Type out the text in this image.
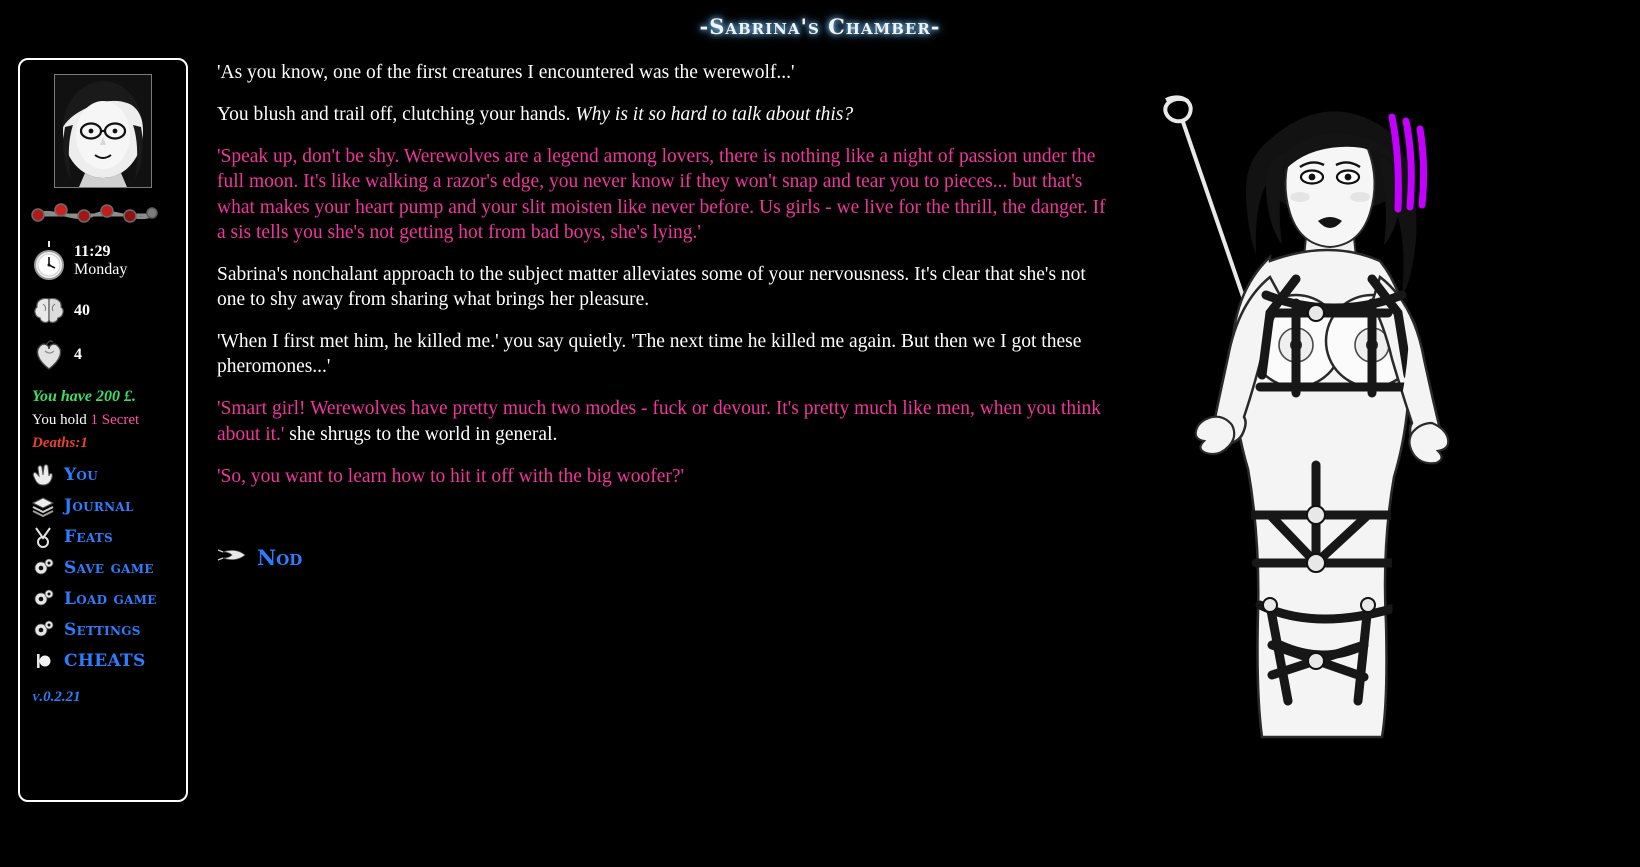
-Sabrina's Chamber-
11:29
Monday
40
4
You have 200 £.
You hold 1 Secret
Deaths:1
You
Journal
Feats
Save game
Load game
Settings
CHEATS
v.0.2.21

'As you know, one of the first creatures I encountered was the werewolf...'

You blush and trail off, clutching your hands. Why is it so hard to talk about this?

'Speak up, don't be shy. Werewolves are a legend among lovers, there is nothing like a night of passion under the full moon. It's like walking a razor's edge, you never know if they won't snap and tear you to pieces... but that's what makes your heart pump and your slit moisten like never before. Us girls - we live for the thrill, the danger. If a sis tells you she's not getting hot from bad boys, she's lying.'

Sabrina's nonchalant approach to the subject matter alleviates some of your nervousness. It's clear that she's not one to shy away from sharing what brings her pleasure.

'When I first met him, he killed me.' you say quietly. 'The next time he killed me again. But then we I got these pheromones...'

'Smart girl! Werewolves have pretty much two modes - fuck or devour. It's pretty much like men, when you think about it.' she shrugs to the world in general.

'So, you want to learn how to hit it off with the big woofer?'

Nod
